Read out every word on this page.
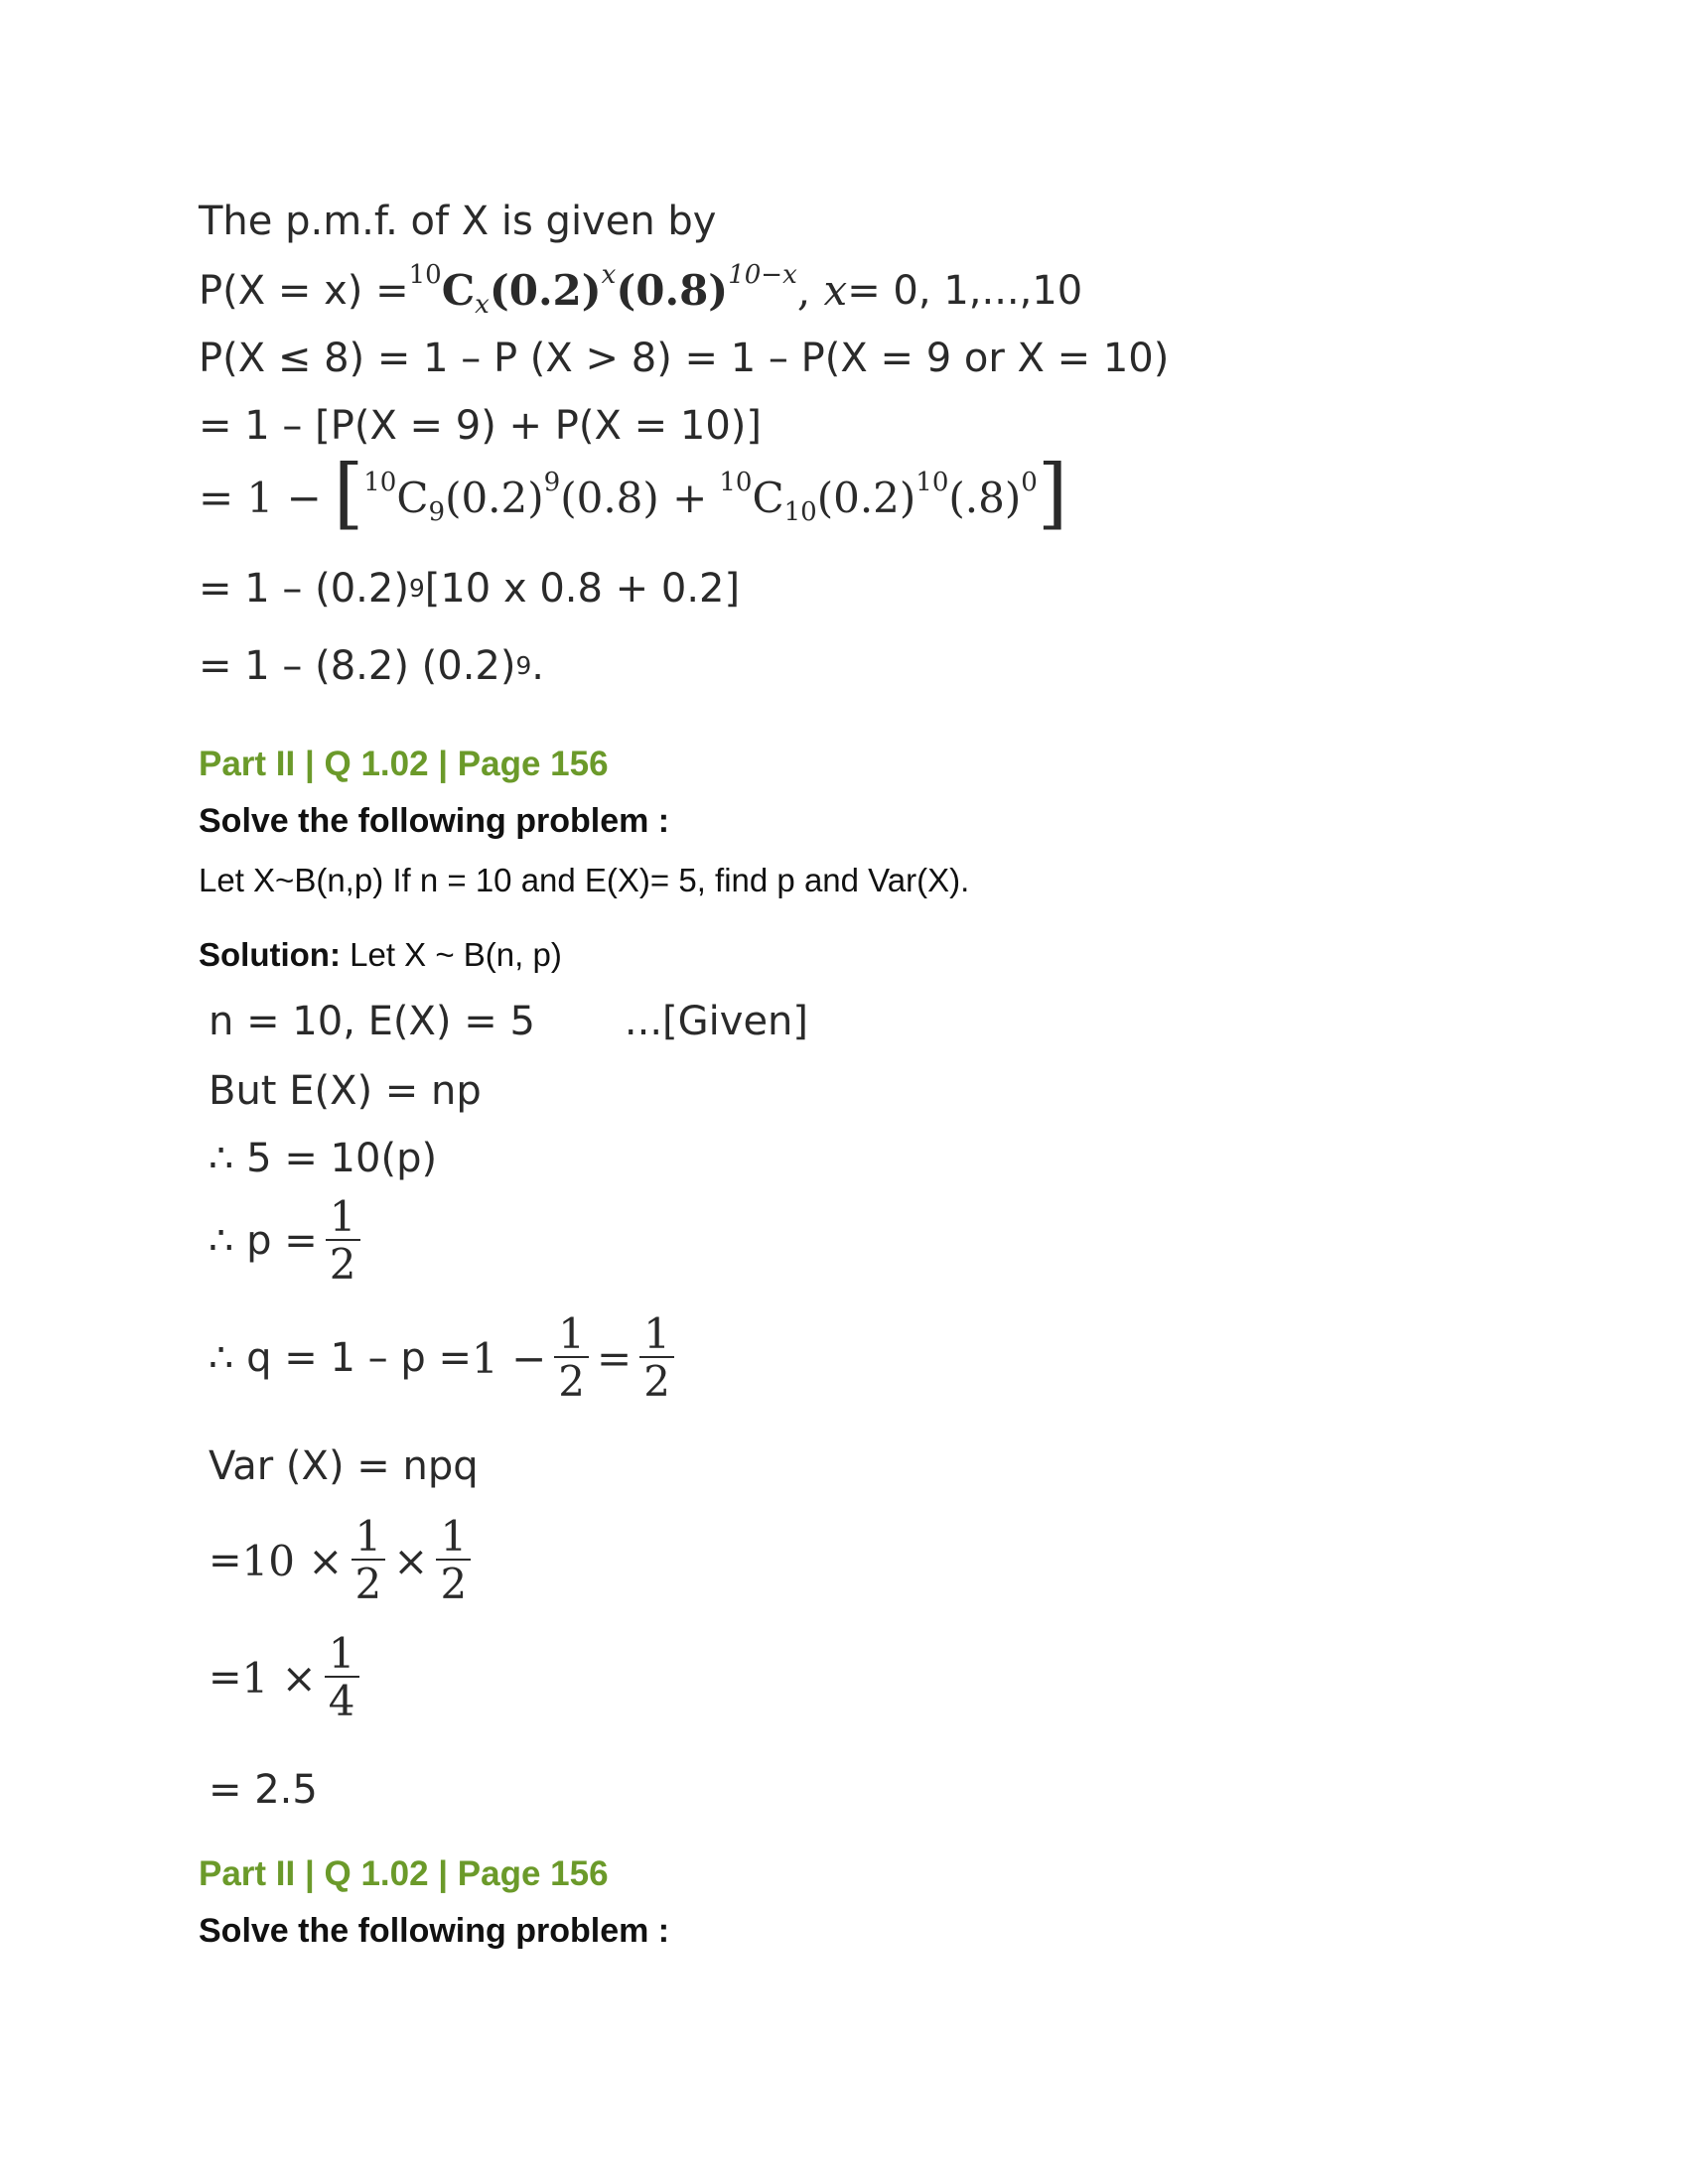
The p.m.f. of X is given by
$P(X = x) = ^{10}C_x(0.2)^x(0.8)^{10-x}$, x = 0, 1,...,10
P(X ≤ 8) = 1 – P (X > 8) = 1 – P(X = 9 or X = 10)
= 1 – [P(X = 9) + P(X = 10)]
= 1 − [ $^{10}C_9(0.2)^9(0.8) + ^{10}C_{10}(0.2)^{10}(.8)^0$ ]
= 1 – (0.2) 9 [10 x 0.8 + 0.2]
= 1 – (8.2) (0.2) 9 .
Part II | Q 1.02 | Page 156
Solve the following problem :
Let X~B(n,p) If n = 10 and E(X)= 5, find p and Var(X).
Solution: Let X ~ B(n, p)
n = 10, E(X) = 5 ...[Given]
But E(X) = np
∴ 5 = 10(p)
∴ $p = \frac{1}{2}$
∴ $q = 1 - p = 1 - \frac{1}{2} = \frac{1}{2}$
Var (X) = npq
= $10 \times \frac{1}{2} \times \frac{1}{2}$
= $1 \times \frac{1}{4}$
= 2.5
Part II | Q 1.02 | Page 156
Solve the following problem :
